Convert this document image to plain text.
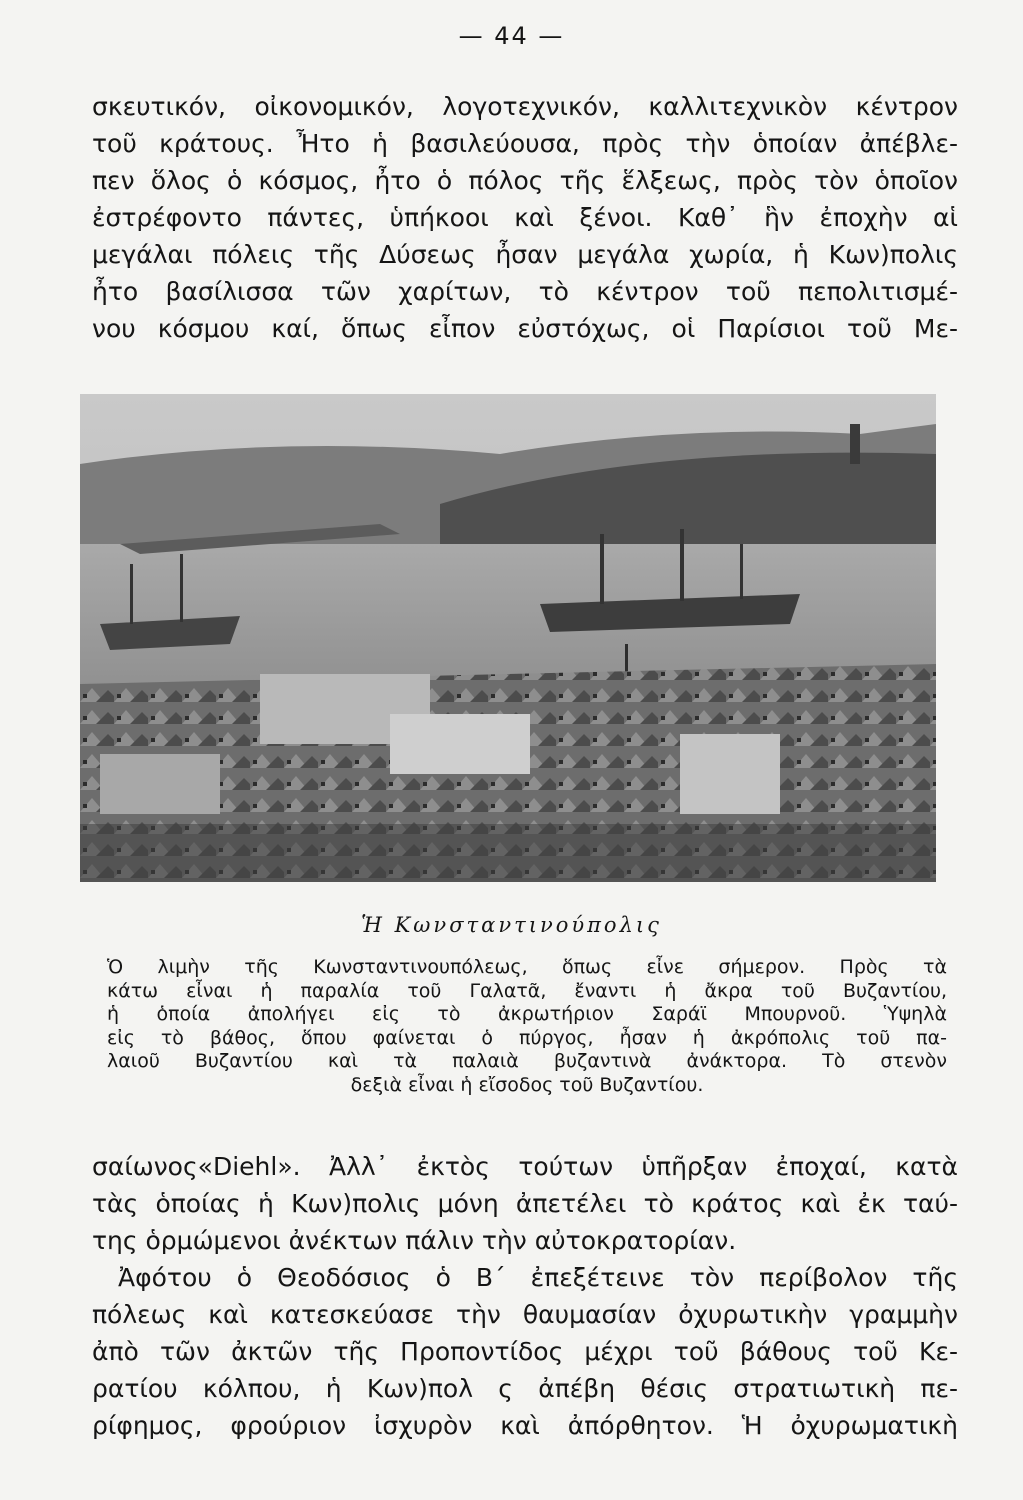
— 44 —
σκευτικόν, οἰκονομικόν, λογοτεχνικόν, καλλιτεχνικὸν κέντρον
τοῦ κράτους. Ἦτο ἡ βασιλεύουσα, πρὸς τὴν ὁποίαν ἀπέβλε-
πεν ὅλος ὁ κόσμος, ἦτο ὁ πόλος τῆς ἕλξεως, πρὸς τὸν ὁποῖον
ἐστρέφοντο πάντες, ὑπήκοοι καὶ ξένοι. Καθ᾽ ἣν ἐποχὴν αἱ
μεγάλαι πόλεις τῆς Δύσεως ἦσαν μεγάλα χωρία, ἡ Κων)πολις
ἦτο βασίλισσα τῶν χαρίτων, τὸ κέντρον τοῦ πεπολιτισμέ-
νου κόσμου καί, ὅπως εἶπον εὐστόχως, οἱ Παρίσιοι τοῦ Με-
Ἡ Κωνσταντινούπολις
Ὁ λιμὴν τῆς Κωνσταντινουπόλεως, ὅπως εἶνε σήμερον. Πρὸς τὰ
κάτω εἶναι ἡ παραλία τοῦ Γαλατᾶ, ἔναντι ἡ ἄκρα τοῦ Βυζαντίου,
ἡ ὁποία ἀπολήγει εἰς τὸ ἀκρωτήριον Σαράϊ Μπουρνοῦ. Ὑψηλὰ
εἰς τὸ βάθος, ὅπου φαίνεται ὁ πύργος, ἦσαν ἡ ἀκρόπολις τοῦ πα-
λαιοῦ Βυζαντίου καὶ τὰ παλαιὰ βυζαντινὰ ἀνάκτορα. Τὸ στενὸν
δεξιὰ εἶναι ἡ εἴσοδος τοῦ Βυζαντίου.
σαίωνος«Diehl». Ἀλλ᾽ ἐκτὸς τούτων ὑπῆρξαν ἐποχαί, κατὰ
τὰς ὁποίας ἡ Κων)πολις μόνη ἀπετέλει τὸ κράτος καὶ ἐκ ταύ-
της ὁρμώμενοι ἀνέκτων πάλιν τὴν αὐτοκρατορίαν.
Ἀφότου ὁ Θεοδόσιος ὁ Β´ ἐπεξέτεινε τὸν περίβολον τῆς
πόλεως καὶ κατεσκεύασε τὴν θαυμασίαν ὀχυρωτικὴν γραμμὴν
ἀπὸ τῶν ἀκτῶν τῆς Προποντίδος μέχρι τοῦ βάθους τοῦ Κε-
ρατίου κόλπου, ἡ Κων)πολ ς ἀπέβη θέσις στρατιωτικὴ πε-
ρίφημος, φρούριον ἰσχυρὸν καὶ ἀπόρθητον. Ἡ ὀχυρωματικὴ
